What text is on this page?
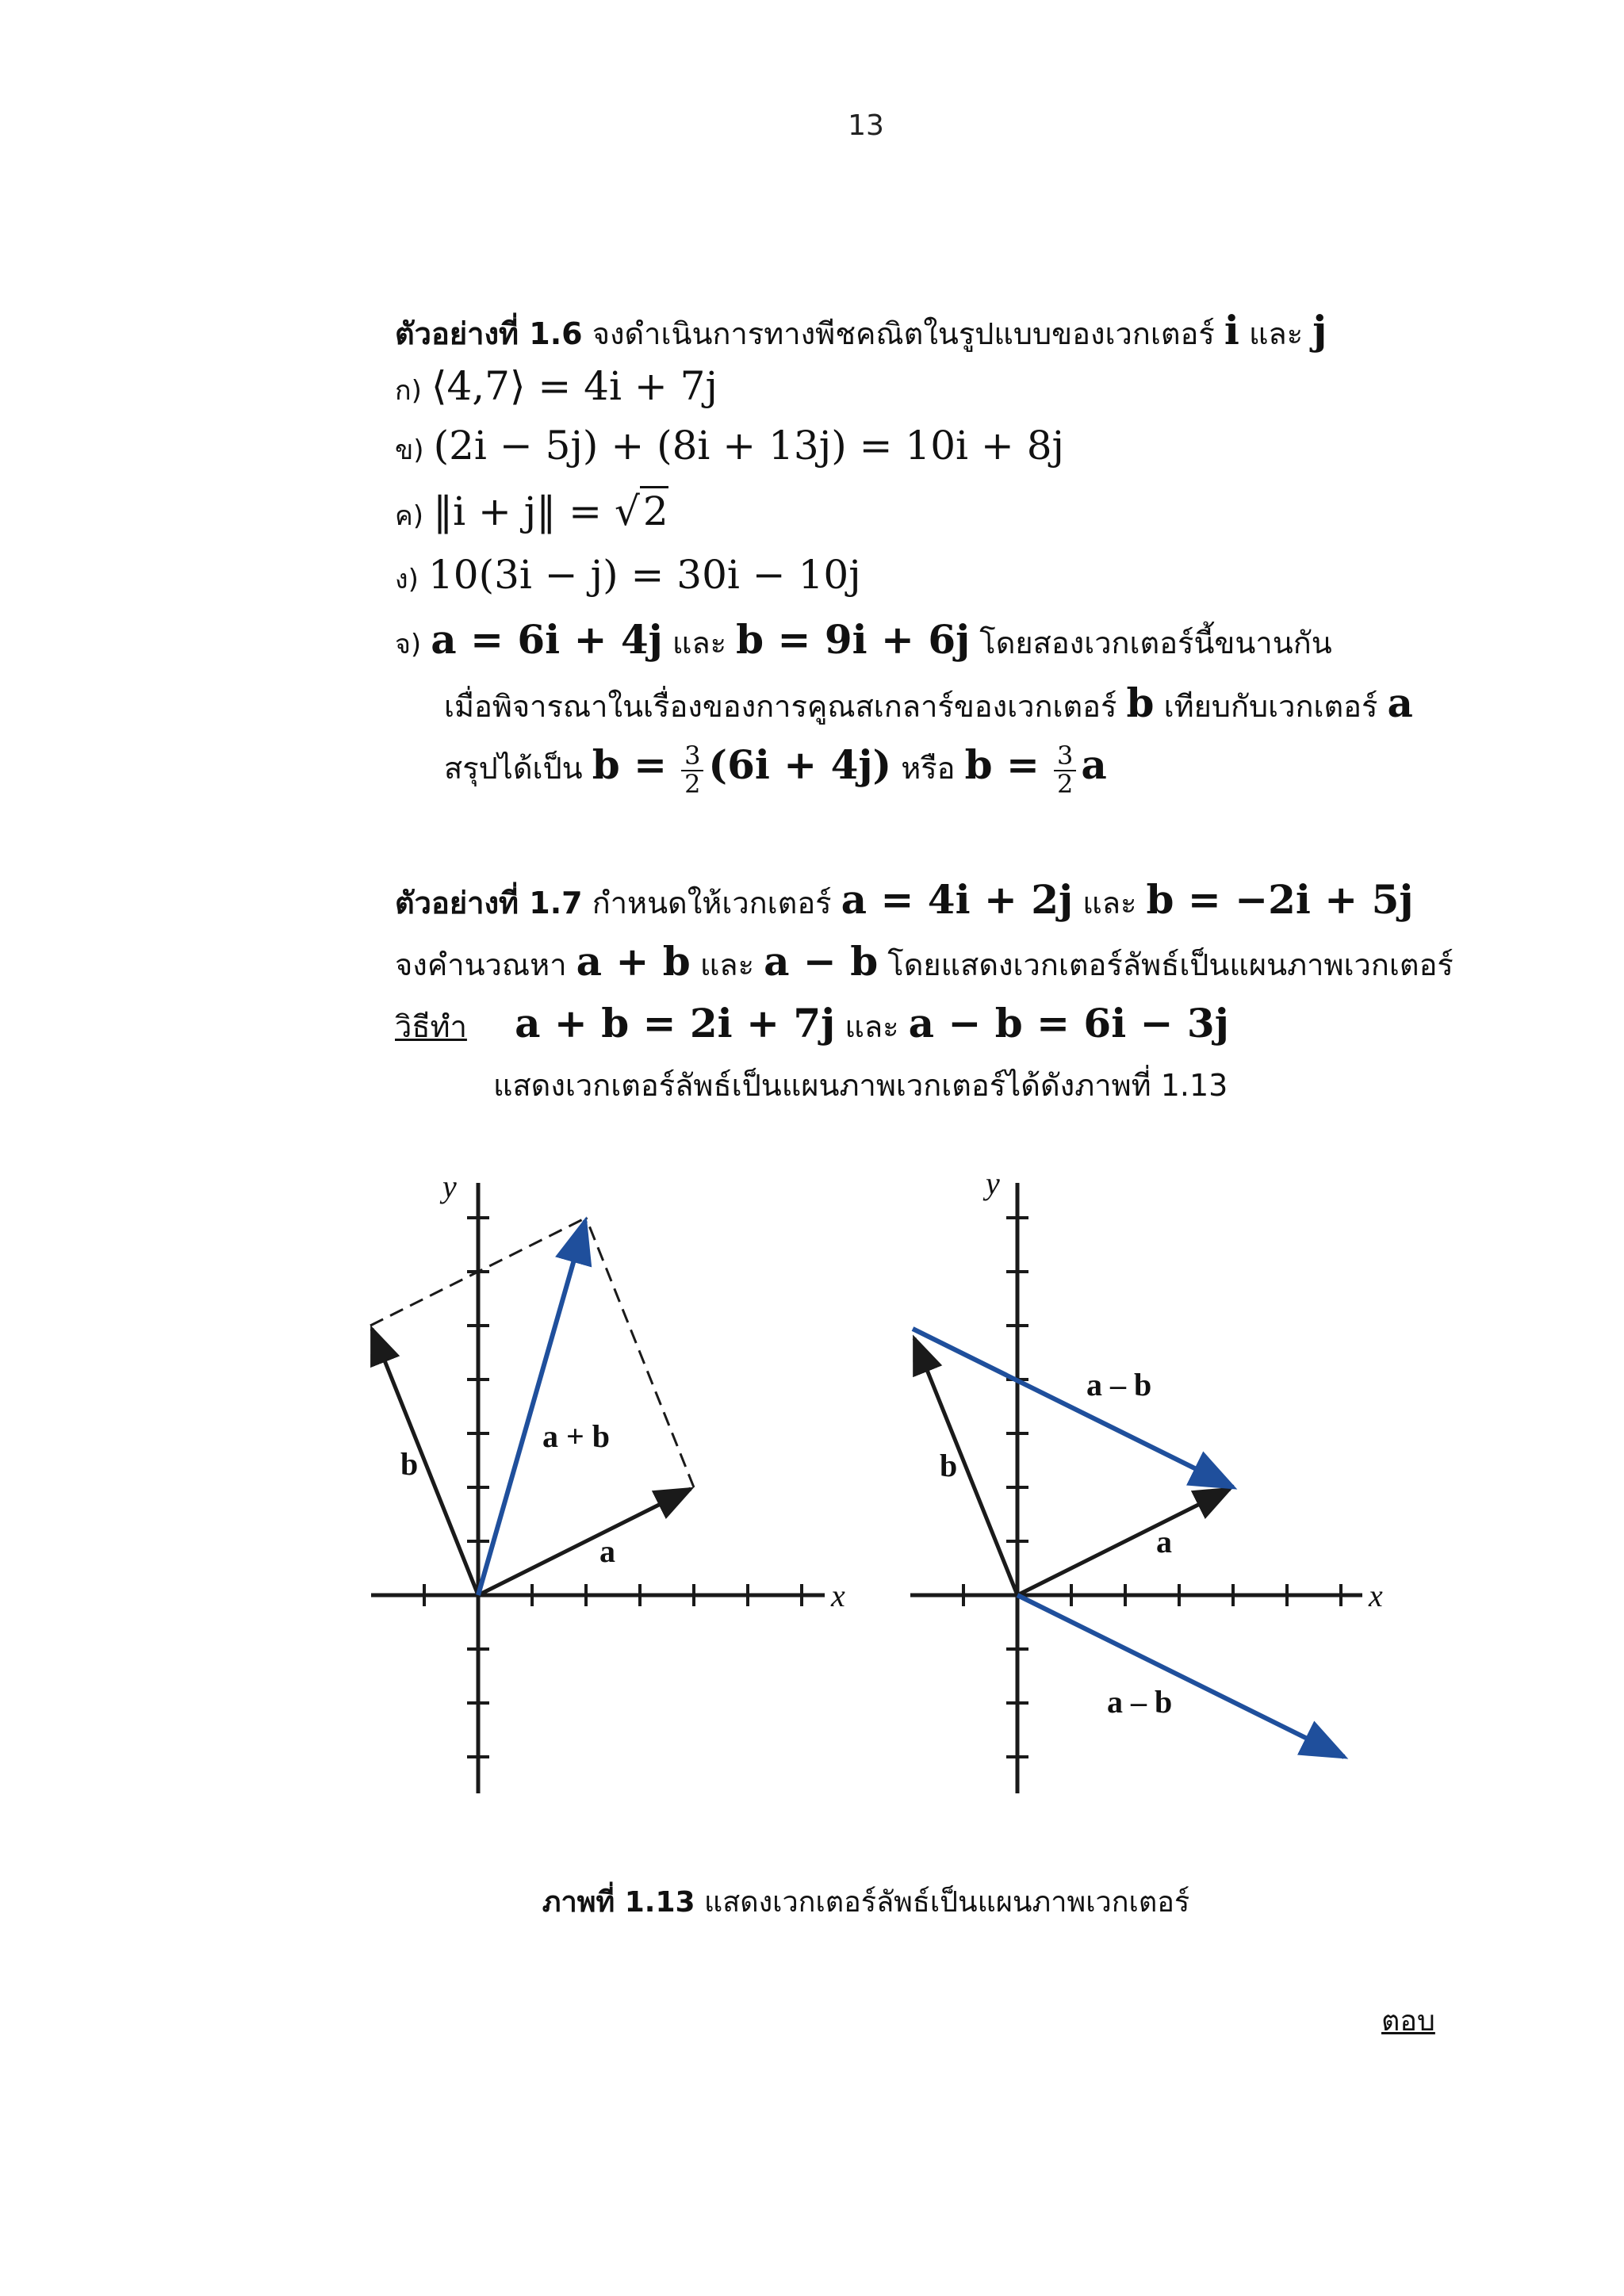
13
ตัวอย่างที่ 1.6 จงดำเนินการทางพีชคณิตในรูปแบบของเวกเตอร์ i และ j
ก) ⟨4,7⟩ = 4i + 7j
ข) (2i − 5j) + (8i + 13j) = 10i + 8j
ค) ‖i + j‖ = √2
ง) 10(3i − j) = 30i − 10j
จ) a = 6i + 4j และ b = 9i + 6j โดยสองเวกเตอร์นี้ขนานกัน
เมื่อพิจารณาในเรื่องของการคูณสเกลาร์ของเวกเตอร์ b เทียบกับเวกเตอร์ a
สรุปได้เป็น $b = \frac{3}{2} (6i + 4j)$ หรือ $b = \frac{3}{2}$ a
ตัวอย่างที่ 1.7 กำหนดให้เวกเตอร์ a = 4i + 2j และ b = −2i + 5j
จงคำนวณหา a + b และ a − b โดยแสดงเวกเตอร์ลัพธ์เป็นแผนภาพเวกเตอร์
วิธีทำ a + b = 2i + 7j และ a − b = 6i − 3j
แสดงเวกเตอร์ลัพธ์เป็นแผนภาพเวกเตอร์ได้ดังภาพที่ 1.13
x
y
a
b
a + b
x
y
a
b
a – b
a – b
ภาพที่ 1.13 แสดงเวกเตอร์ลัพธ์เป็นแผนภาพเวกเตอร์
ตอบ
